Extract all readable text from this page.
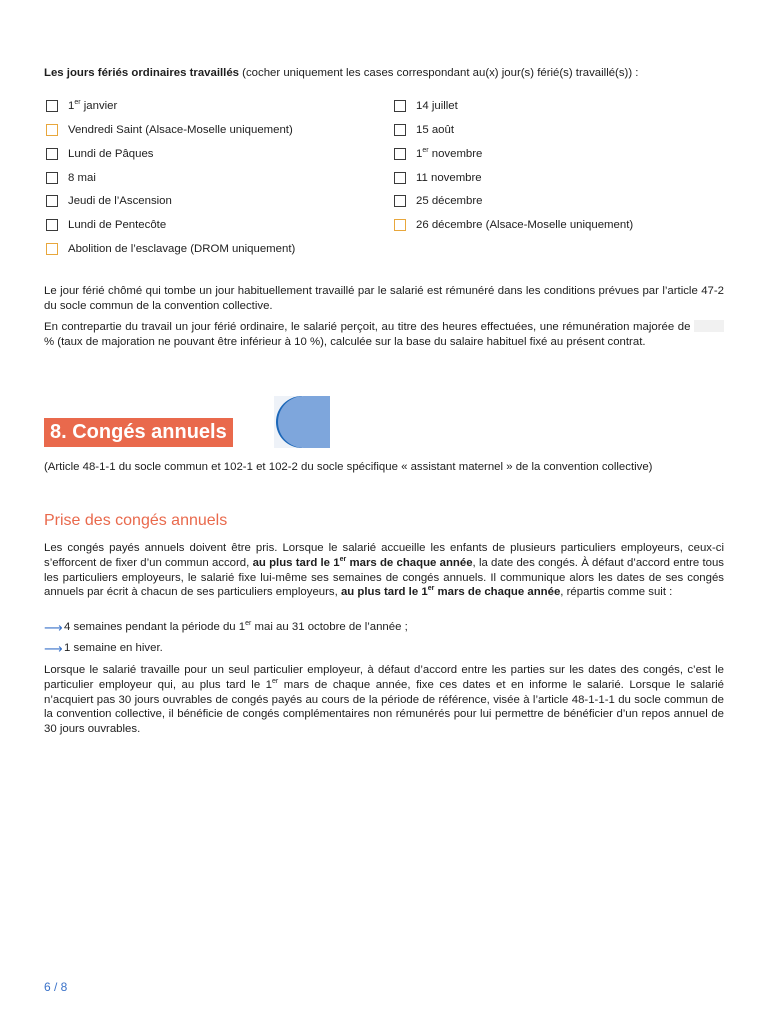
Les jours fériés ordinaires travaillés (cocher uniquement les cases correspondant au(x) jour(s) férié(s) travaillé(s)) :
1er janvier
Vendredi Saint (Alsace-Moselle uniquement)
Lundi de Pâques
8 mai
Jeudi de l’Ascension
Lundi de Pentecôte
Abolition de l’esclavage (DROM uniquement)
14 juillet
15 août
1er novembre
11 novembre
25 décembre
26 décembre (Alsace-Moselle uniquement)
Le jour férié chômé qui tombe un jour habituellement travaillé par le salarié est rémunéré dans les conditions prévues par l’article 47-2 du socle commun de la convention collective.
En contrepartie du travail un jour férié ordinaire, le salarié perçoit, au titre des heures effectuées, une rémunération majorée de  % (taux de majoration ne pouvant être inférieur à 10 %), calculée sur la base du salaire habituel fixé au présent contrat.
8. Congés annuels
(Article 48-1-1 du socle commun et 102-1 et 102-2 du socle spécifique « assistant maternel » de la convention collective)
Prise des congés annuels
Les congés payés annuels doivent être pris. Lorsque le salarié accueille les enfants de plusieurs particuliers employeurs, ceux-ci s’efforcent de fixer d’un commun accord, au plus tard le 1er mars de chaque année, la date des congés. À défaut d’accord entre tous les particuliers employeurs, le salarié fixe lui-même ses semaines de congés annuels. Il communique alors les dates de ses congés annuels par écrit à chacun de ses particuliers employeurs, au plus tard le 1er mars de chaque année, répartis comme suit :
⟶ 4 semaines pendant la période du 1er mai au 31 octobre de l’année ;
⟶ 1 semaine en hiver.
Lorsque le salarié travaille pour un seul particulier employeur, à défaut d’accord entre les parties sur les dates des congés, c’est le particulier employeur qui, au plus tard le 1er mars de chaque année, fixe ces dates et en informe le salarié. Lorsque le salarié n’acquiert pas 30 jours ouvrables de congés payés au cours de la période de référence, visée à l’article 48-1-1-1 du socle commun de la convention collective, il bénéficie de congés complémentaires non rémunérés pour lui permettre de bénéficier d’un repos annuel de 30 jours ouvrables.
6 / 8
